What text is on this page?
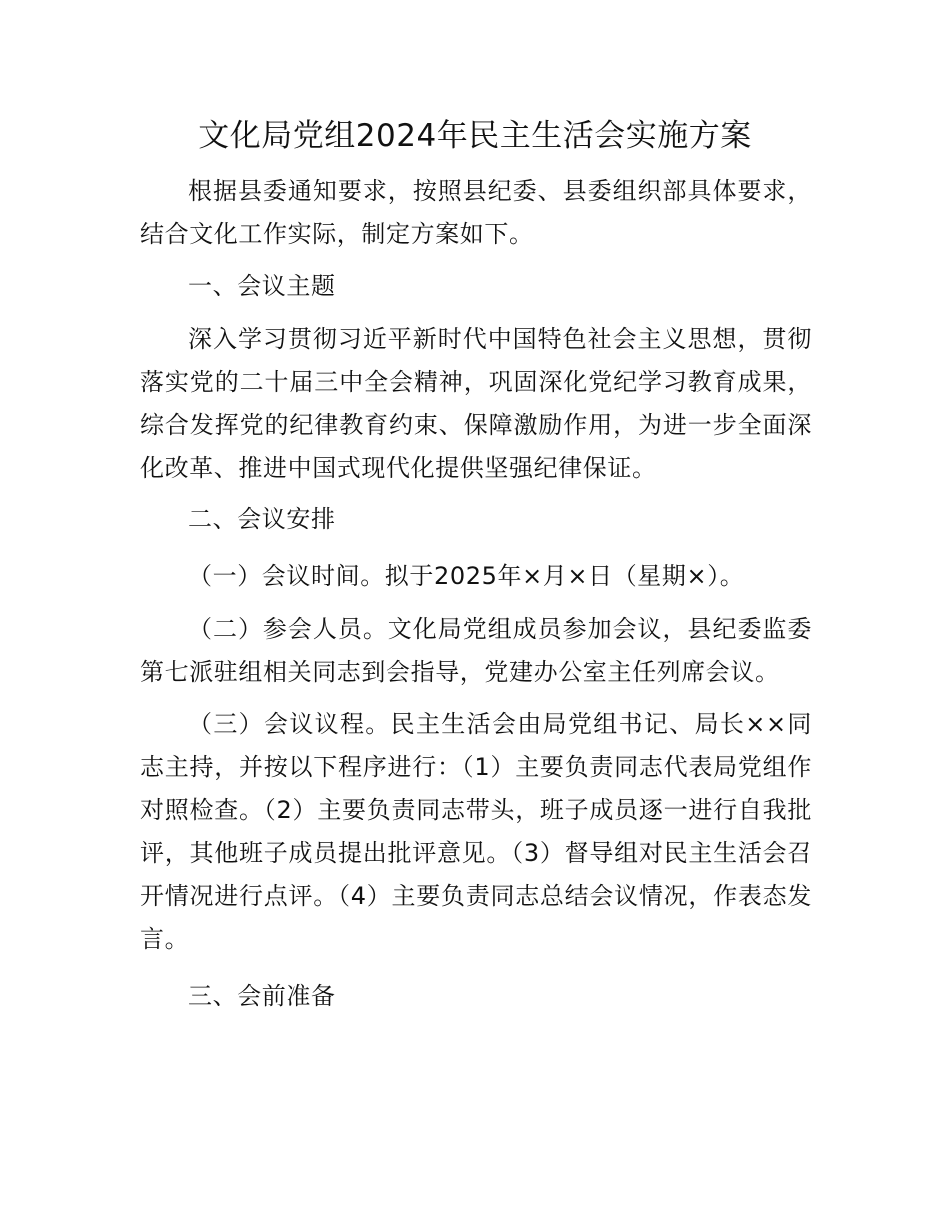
文化局党组2024年民主生活会实施方案

根据县委通知要求，按照县纪委、县委组织部具体要求，结合文化工作实际，制定方案如下。

一、会议主题

深入学习贯彻习近平新时代中国特色社会主义思想，贯彻落实党的二十届三中全会精神，巩固深化党纪学习教育成果，综合发挥党的纪律教育约束、保障激励作用，为进一步全面深化改革、推进中国式现代化提供坚强纪律保证。

二、会议安排

（一）会议时间。拟于2025年×月×日（星期×）。

（二）参会人员。文化局党组成员参加会议，县纪委监委第七派驻组相关同志到会指导，党建办公室主任列席会议。

（三）会议议程。民主生活会由局党组书记、局长××同志主持，并按以下程序进行：（1）主要负责同志代表局党组作对照检查。（2）主要负责同志带头，班子成员逐一进行自我批评，其他班子成员提出批评意见。（3）督导组对民主生活会召开情况进行点评。（4）主要负责同志总结会议情况，作表态发言。

三、会前准备
